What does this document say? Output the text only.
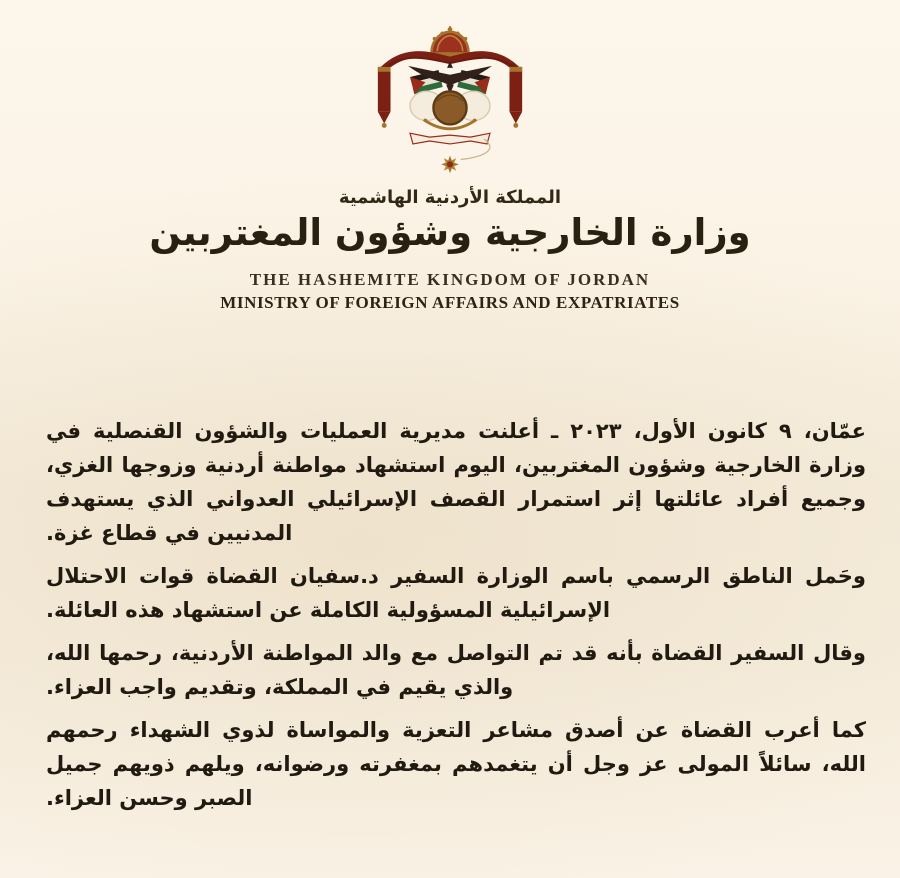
المملكة الأردنية الهاشمية
وزارة الخارجية وشؤون المغتربين
THE HASHEMITE KINGDOM OF JORDAN
MINISTRY OF FOREIGN AFFAIRS AND EXPATRIATES

عمّان، ٩ كانون الأول، ٢٠٢٣ ـ أعلنت مديرية العمليات والشؤون القنصلية في وزارة الخارجية وشؤون المغتربين، اليوم استشهاد مواطنة أردنية وزوجها الغزي، وجميع أفراد عائلتها إثر استمرار القصف الإسرائيلي العدواني الذي يستهدف المدنيين في قطاع غزة.

وحَمل الناطق الرسمي باسم الوزارة السفير د.سفيان القضاة قوات الاحتلال الإسرائيلية المسؤولية الكاملة عن استشهاد هذه العائلة.

وقال السفير القضاة بأنه قد تم التواصل مع والد المواطنة الأردنية، رحمها الله، والذي يقيم في المملكة، وتقديم واجب العزاء.

كما أعرب القضاة عن أصدق مشاعر التعزية والمواساة لذوي الشهداء رحمهم الله، سائلاً المولى عز وجل أن يتغمدهم بمغفرته ورضوانه، ويلهم ذويهم جميل الصبر وحسن العزاء.
